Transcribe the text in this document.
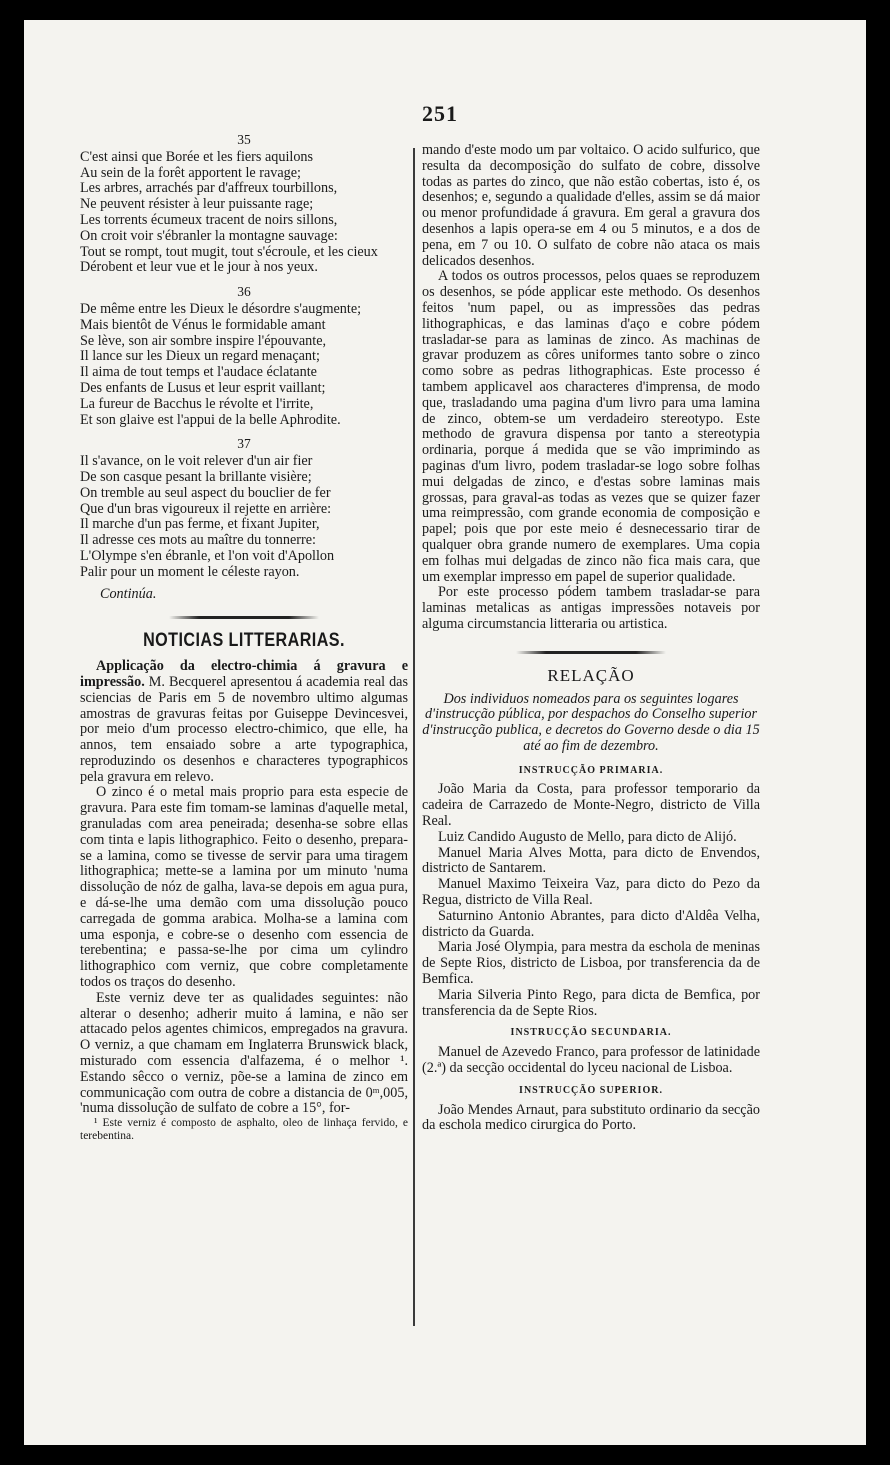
251
35
C'est ainsi que Borée et les fiers aquilons
Au sein de la forêt apportent le ravage;
Les arbres, arrachés par d'affreux tourbillons,
Ne peuvent résister à leur puissante rage;
Les torrents écumeux tracent de noirs sillons,
On croit voir s'ébranler la montagne sauvage:
Tout se rompt, tout mugit, tout s'écroule, et les cieux
Dérobent et leur vue et le jour à nos yeux.
36
De même entre les Dieux le désordre s'augmente;
Mais bientôt de Vénus le formidable amant
Se lève, son air sombre inspire l'épouvante,
Il lance sur les Dieux un regard menaçant;
Il aima de tout temps et l'audace éclatante
Des enfants de Lusus et leur esprit vaillant;
La fureur de Bacchus le révolte et l'irrite,
Et son glaive est l'appui de la belle Aphrodite.
37
Il s'avance, on le voit relever d'un air fier
De son casque pesant la brillante visière;
On tremble au seul aspect du bouclier de fer
Que d'un bras vigoureux il rejette en arrière:
Il marche d'un pas ferme, et fixant Jupiter,
Il adresse ces mots au maître du tonnerre:
L'Olympe s'en ébranle, et l'on voit d'Apollon
Palir pour un moment le céleste rayon.
Continúa.
NOTICIAS LITTERARIAS.

Applicação da electro-chimia á gravura e impressão. M. Becquerel apresentou á academia real das sciencias de Paris em 5 de novembro ultimo algumas amostras de gravuras feitas por Guiseppe Devincesvei, por meio d'um processo electro-chimico, que elle, ha annos, tem ensaiado sobre a arte typographica, reproduzindo os desenhos e characteres typographicos pela gravura em relevo.

O zinco é o metal mais proprio para esta especie de gravura. Para este fim tomam-se laminas d'aquelle metal, granuladas com area peneirada; desenha-se sobre ellas com tinta e lapis lithographico. Feito o desenho, prepara-se a lamina, como se tivesse de servir para uma tiragem lithographica; mette-se a lamina por um minuto 'numa dissolução de nóz de galha, lava-se depois em agua pura, e dá-se-lhe uma demão com uma dissolução pouco carregada de gomma arabica. Molha-se a lamina com uma esponja, e cobre-se o desenho com essencia de terebentina; e passa-se-lhe por cima um cylindro lithographico com verniz, que cobre completamente todos os traços do desenho.

Este verniz deve ter as qualidades seguintes: não alterar o desenho; adherir muito á lamina, e não ser attacado pelos agentes chimicos, empregados na gravura. O verniz, a que chamam em Inglaterra Brunswick black, misturado com essencia d'alfazema, é o melhor ¹. Estando sêcco o verniz, põe-se a lamina de zinco em communicação com outra de cobre a distancia de 0ᵐ,005, 'numa dissolução de sulfato de cobre a 15°, for-

¹ Este verniz é composto de asphalto, oleo de linhaça fervido, e terebentina.

mando d'este modo um par voltaico. O acido sulfurico, que resulta da decomposição do sulfato de cobre, dissolve todas as partes do zinco, que não estão cobertas, isto é, os desenhos; e, segundo a qualidade d'elles, assim se dá maior ou menor profundidade á gravura. Em geral a gravura dos desenhos a lapis opera-se em 4 ou 5 minutos, e a dos de pena, em 7 ou 10. O sulfato de cobre não ataca os mais delicados desenhos.

A todos os outros processos, pelos quaes se reproduzem os desenhos, se póde applicar este methodo. Os desenhos feitos 'num papel, ou as impressões das pedras lithographicas, e das laminas d'aço e cobre pódem trasladar-se para as laminas de zinco. As machinas de gravar produzem as côres uniformes tanto sobre o zinco como sobre as pedras lithographicas. Este processo é tambem applicavel aos characteres d'imprensa, de modo que, trasladando uma pagina d'um livro para uma lamina de zinco, obtem-se um verdadeiro stereotypo. Este methodo de gravura dispensa por tanto a stereotypia ordinaria, porque á medida que se vão imprimindo as paginas d'um livro, podem trasladar-se logo sobre folhas mui delgadas de zinco, e d'estas sobre laminas mais grossas, para graval-as todas as vezes que se quizer fazer uma reimpressão, com grande economia de composição e papel; pois que por este meio é desnecessario tirar de qualquer obra grande numero de exemplares. Uma copia em folhas mui delgadas de zinco não fica mais cara, que um exemplar impresso em papel de superior qualidade.

Por este processo pódem tambem trasladar-se para laminas metalicas as antigas impressões notaveis por alguma circumstancia litteraria ou artistica.

RELAÇÃO
Dos individuos nomeados para os seguintes logares d'instrucção pública, por despachos do Conselho superior d'instrucção publica, e decretos do Governo desde o dia 15 até ao fim de dezembro.
INSTRUCÇÃO PRIMARIA.

João Maria da Costa, para professor temporario da cadeira de Carrazedo de Monte-Negro, districto de Villa Real.

Luiz Candido Augusto de Mello, para dicto de Alijó.

Manuel Maria Alves Motta, para dicto de Envendos, districto de Santarem.

Manuel Maximo Teixeira Vaz, para dicto do Pezo da Regua, districto de Villa Real.

Saturnino Antonio Abrantes, para dicto d'Aldêa Velha, districto da Guarda.

Maria José Olympia, para mestra da eschola de meninas de Septe Rios, districto de Lisboa, por transferencia da de Bemfica.

Maria Silveria Pinto Rego, para dicta de Bemfica, por transferencia da de Septe Rios.

INSTRUCÇÃO SECUNDARIA.

Manuel de Azevedo Franco, para professor de latinidade (2.ª) da secção occidental do lyceu nacional de Lisboa.

INSTRUCÇÃO SUPERIOR.

João Mendes Arnaut, para substituto ordinario da secção da eschola medico cirurgica do Porto.
